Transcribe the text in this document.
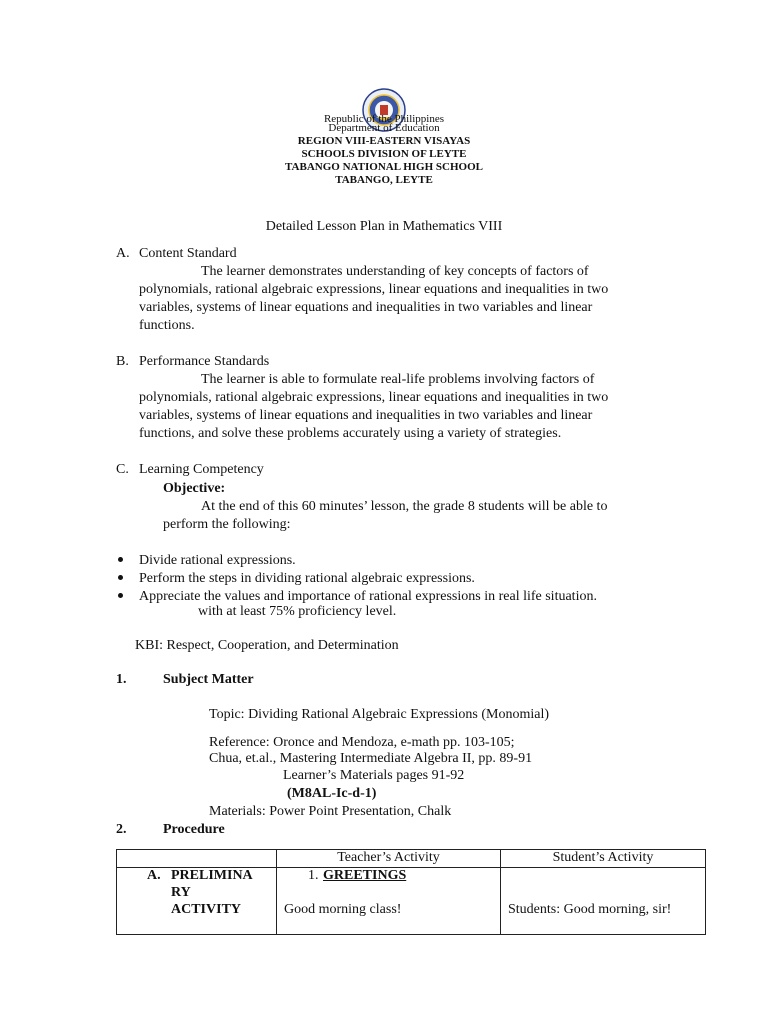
Republic of the Philippines
Department of Education
REGION VIII-EASTERN VISAYAS
SCHOOLS DIVISION OF LEYTE
TABANGO NATIONAL HIGH SCHOOL
TABANGO, LEYTE
Detailed Lesson Plan in Mathematics VIII
A. Content Standard
The learner demonstrates understanding of key concepts of factors of
polynomials, rational algebraic expressions, linear equations and inequalities in two
variables, systems of linear equations and inequalities in two variables and linear
functions.
B. Performance Standards
The learner is able to formulate real-life problems involving factors of
polynomials, rational algebraic expressions, linear equations and inequalities in two
variables, systems of linear equations and inequalities in two variables and linear
functions, and solve these problems accurately using a variety of strategies.
C. Learning Competency
Objective:
At the end of this 60 minutes’ lesson, the grade 8 students will be able to
perform the following:
Divide rational expressions.
Perform the steps in dividing rational algebraic expressions.
Appreciate the values and importance of rational expressions in real life situation.
with at least 75% proficiency level.
KBI: Respect, Cooperation, and Determination
1.	Subject Matter
Topic: Dividing Rational Algebraic Expressions (Monomial)
Reference: Oronce and Mendoza, e-math pp. 103-105;
Chua, et.al., Mastering Intermediate Algebra II, pp. 89-91
Learner’s Materials pages 91-92
(M8AL-Ic-d-1)
Materials: Power Point Presentation, Chalk
2.	Procedure
	Teacher’s Activity	Student’s Activity

A. PRELIMINA
RY
ACTIVITY	1. GREETINGS
Good morning class!	Students: Good morning, sir!
